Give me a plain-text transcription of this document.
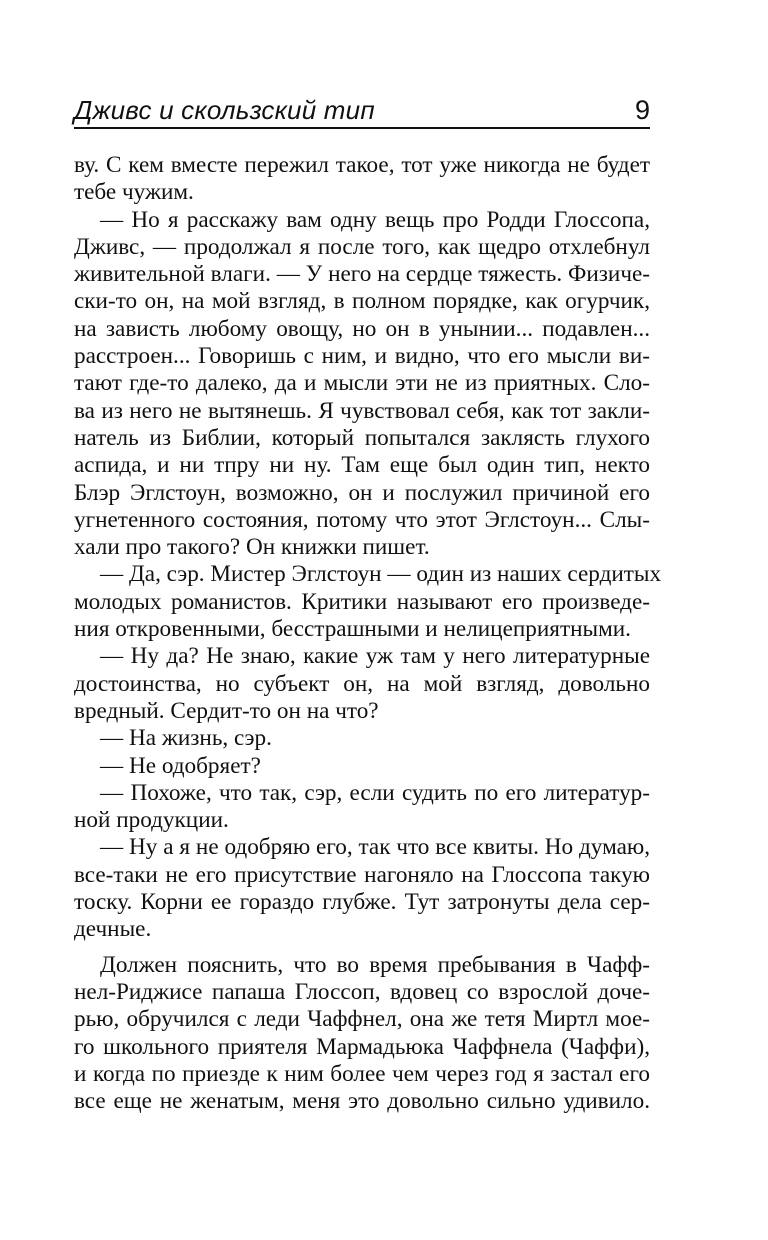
Дживс и скользский тип	9
ву. С кем вместе пережил такое, тот уже никогда не будет
тебе чужим.
— Но я расскажу вам одну вещь про Родди Глоссопа,
Дживс, — продолжал я после того, как щедро отхлебнул
живительной влаги. — У него на сердце тяжесть. Физиче-
ски-то он, на мой взгляд, в полном порядке, как огурчик,
на зависть любому овощу, но он в унынии... подавлен...
расстроен... Говоришь с ним, и видно, что его мысли ви-
тают где-то далеко, да и мысли эти не из приятных. Сло-
ва из него не вытянешь. Я чувствовал себя, как тот закли-
натель из Библии, который попытался заклясть глухого
аспида, и ни тпру ни ну. Там еще был один тип, некто
Блэр Эглстоун, возможно, он и послужил причиной его
угнетенного состояния, потому что этот Эглстоун... Слы-
хали про такого? Он книжки пишет.
— Да, сэр. Мистер Эглстоун — один из наших сердитых
молодых романистов. Критики называют его произведе-
ния откровенными, бесстрашными и нелицеприятными.
— Ну да? Не знаю, какие уж там у него литературные
достоинства, но субъект он, на мой взгляд, довольно
вредный. Сердит-то он на что?
— На жизнь, сэр.
— Не одобряет?
— Похоже, что так, сэр, если судить по его литератур-
ной продукции.
— Ну а я не одобряю его, так что все квиты. Но думаю,
все-таки не его присутствие нагоняло на Глоссопа такую
тоску. Корни ее гораздо глубже. Тут затронуты дела сер-
дечные.
Должен пояснить, что во время пребывания в Чафф-
нел-Риджисе папаша Глоссоп, вдовец со взрослой доче-
рью, обручился с леди Чаффнел, она же тетя Миртл мое-
го школьного приятеля Мармадьюка Чаффнела (Чаффи),
и когда по приезде к ним более чем через год я застал его
все еще не женатым, меня это довольно сильно удивило.
